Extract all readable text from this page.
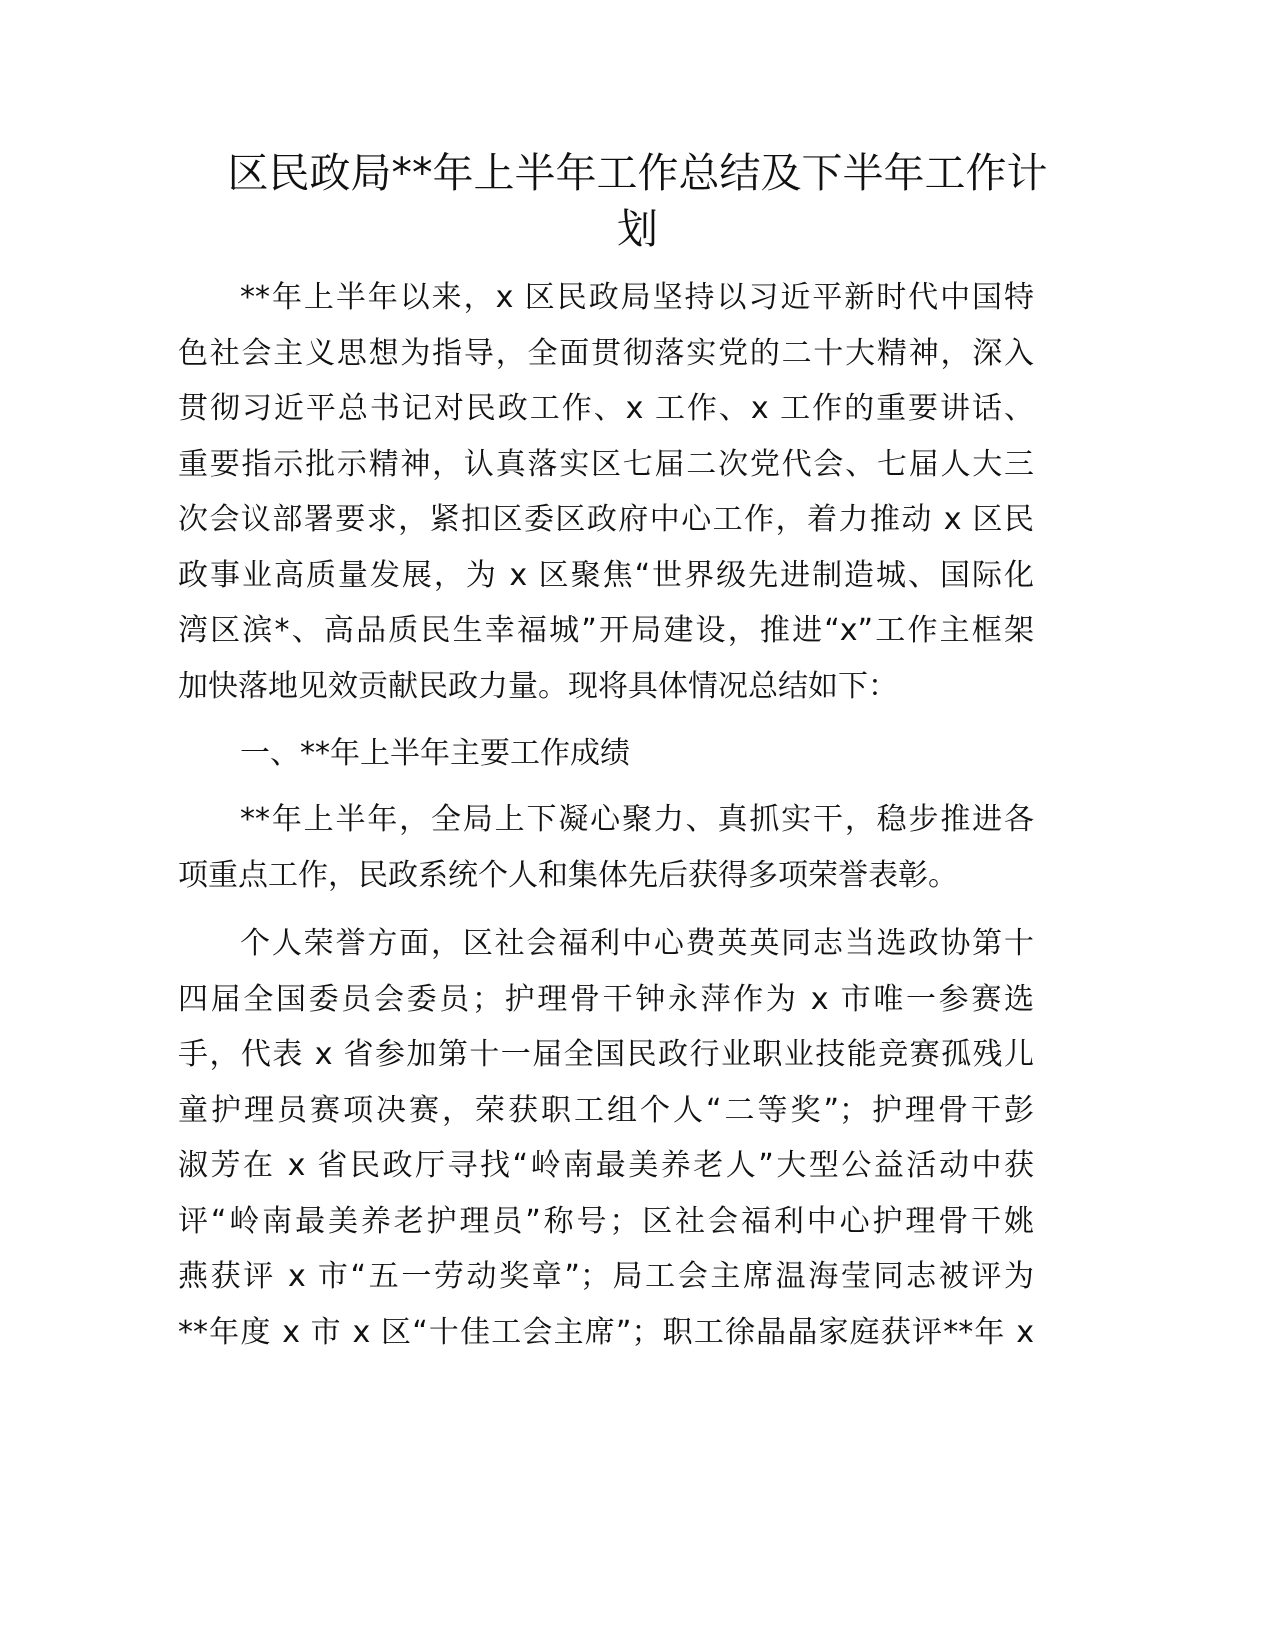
区民政局**年上半年工作总结及下半年工作计
划
**年上半年以来，x 区民政局坚持以习近平新时代中国特
色社会主义思想为指导，全面贯彻落实党的二十大精神，深入
贯彻习近平总书记对民政工作、x 工作、x 工作的重要讲话、
重要指示批示精神，认真落实区七届二次党代会、七届人大三
次会议部署要求，紧扣区委区政府中心工作，着力推动 x 区民
政事业高质量发展，为 x 区聚焦“世界级先进制造城、国际化
湾区滨*、高品质民生幸福城”开局建设，推进“x”工作主框架
加快落地见效贡献民政力量。现将具体情况总结如下：
一、**年上半年主要工作成绩
**年上半年，全局上下凝心聚力、真抓实干，稳步推进各
项重点工作，民政系统个人和集体先后获得多项荣誉表彰。
个人荣誉方面，区社会福利中心费英英同志当选政协第十
四届全国委员会委员；护理骨干钟永萍作为 x 市唯一参赛选
手，代表 x 省参加第十一届全国民政行业职业技能竞赛孤残儿
童护理员赛项决赛，荣获职工组个人“二等奖”；护理骨干彭
淑芳在 x 省民政厅寻找“岭南最美养老人”大型公益活动中获
评“岭南最美养老护理员”称号；区社会福利中心护理骨干姚
燕获评 x 市“五一劳动奖章”；局工会主席温海莹同志被评为
**年度 x 市 x 区“十佳工会主席”；职工徐晶晶家庭获评**年 x
